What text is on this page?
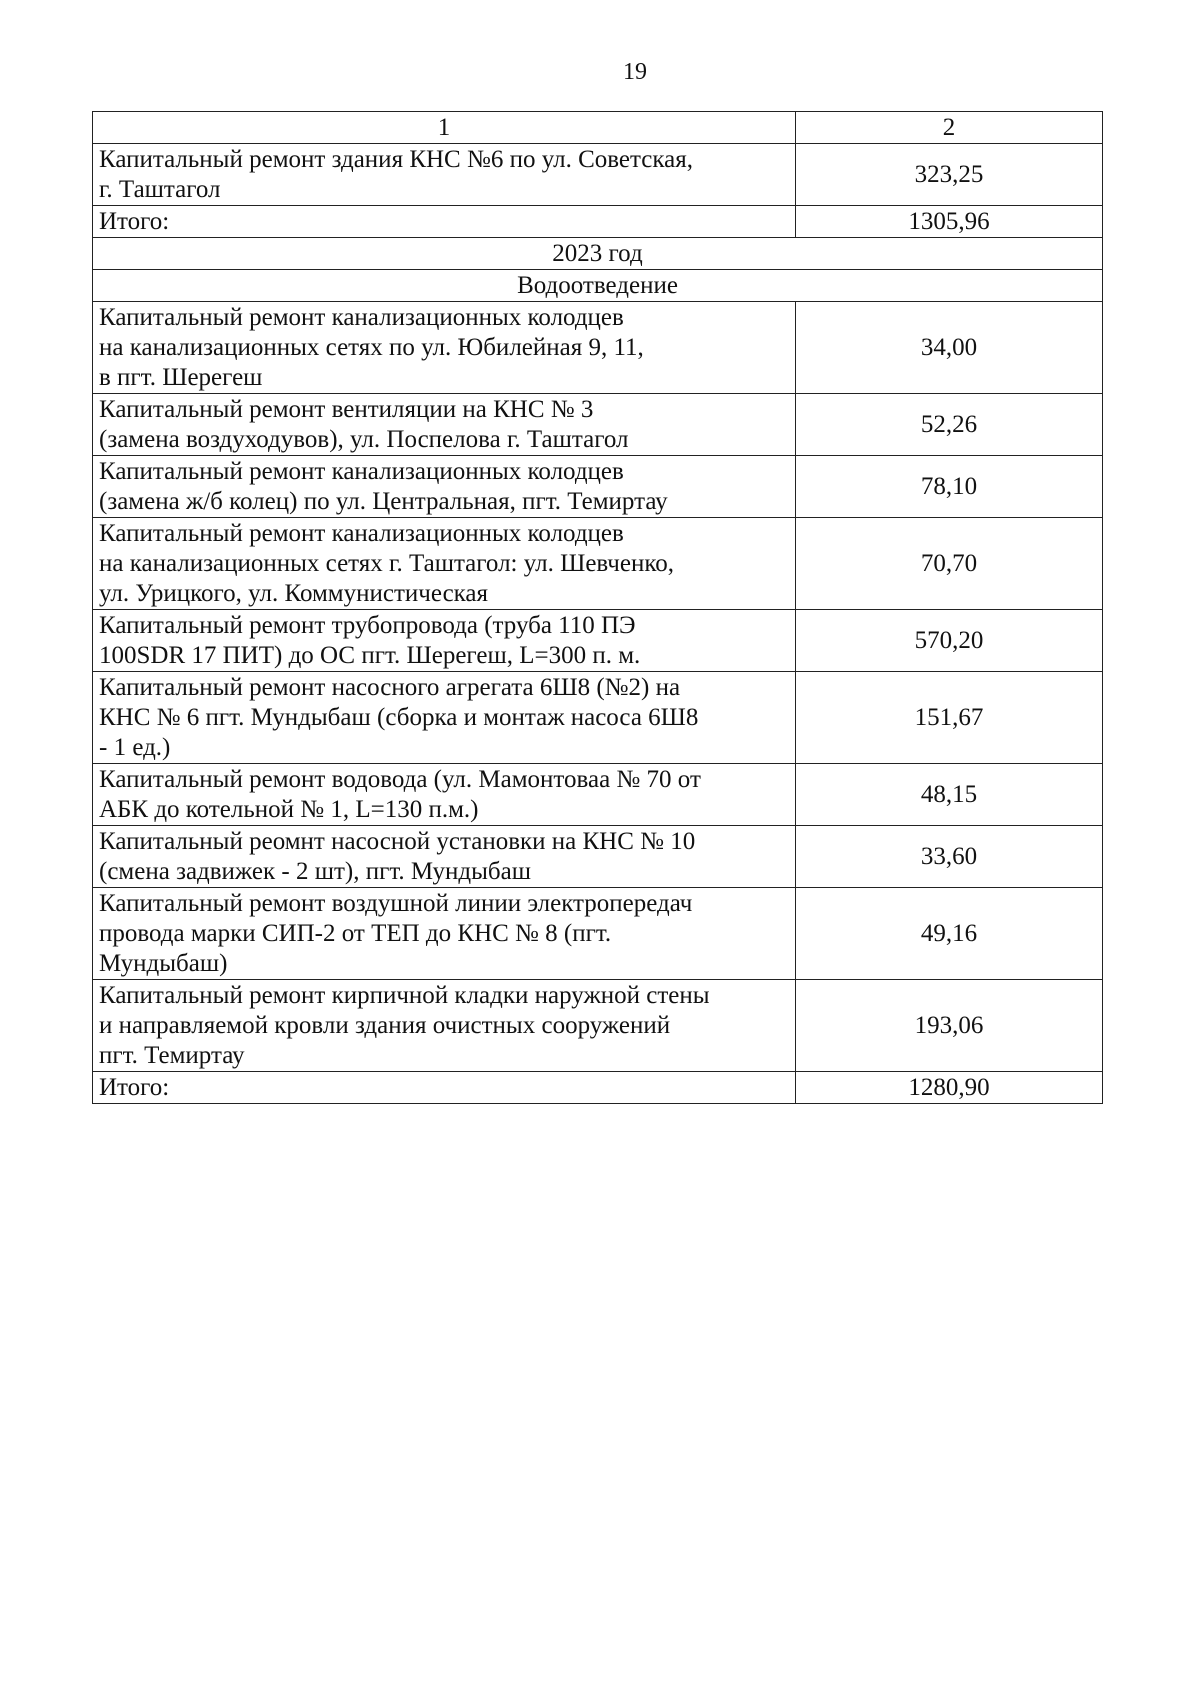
19
1	2

Капитальный ремонт здания КНС №6 по ул. Советская,
г. Таштагол	323,25
Итого:	1305,96
2023 год	
Водоотведение	

Капитальный ремонт канализационных колодцев
на канализационных сетях по ул. Юбилейная 9, 11,
в пгт. Шерегеш	34,00

Капитальный ремонт вентиляции на КНС № 3
(замена воздуходувов), ул. Поспелова г. Таштагол	52,26

Капитальный ремонт канализационных колодцев
(замена ж/б колец) по ул. Центральная, пгт. Темиртау	78,10

Капитальный ремонт канализационных колодцев
на канализационных сетях г. Таштагол: ул. Шевченко,
ул. Урицкого, ул. Коммунистическая	70,70

Капитальный ремонт трубопровода (труба 110 ПЭ
100SDR 17 ПИТ) до ОС пгт. Шерегеш, L=300 п. м.	570,20

Капитальный ремонт насосного агрегата 6Ш8 (№2) на
КНС № 6 пгт. Мундыбаш (сборка и монтаж насоса 6Ш8
- 1 ед.)	151,67

Капитальный ремонт водовода (ул. Мамонтоваа № 70 от
АБК до котельной № 1, L=130 п.м.)	48,15

Капитальный реомнт насосной установки на КНС № 10
(смена задвижек - 2 шт), пгт. Мундыбаш	33,60

Капитальный ремонт воздушной линии электропередач
провода марки СИП-2 от ТЕП до КНС № 8 (пгт.
Мундыбаш)	49,16

Капитальный ремонт кирпичной кладки наружной стены
и направляемой кровли здания очистных сооружений
пгт. Темиртау	193,06
Итого:	1280,90
